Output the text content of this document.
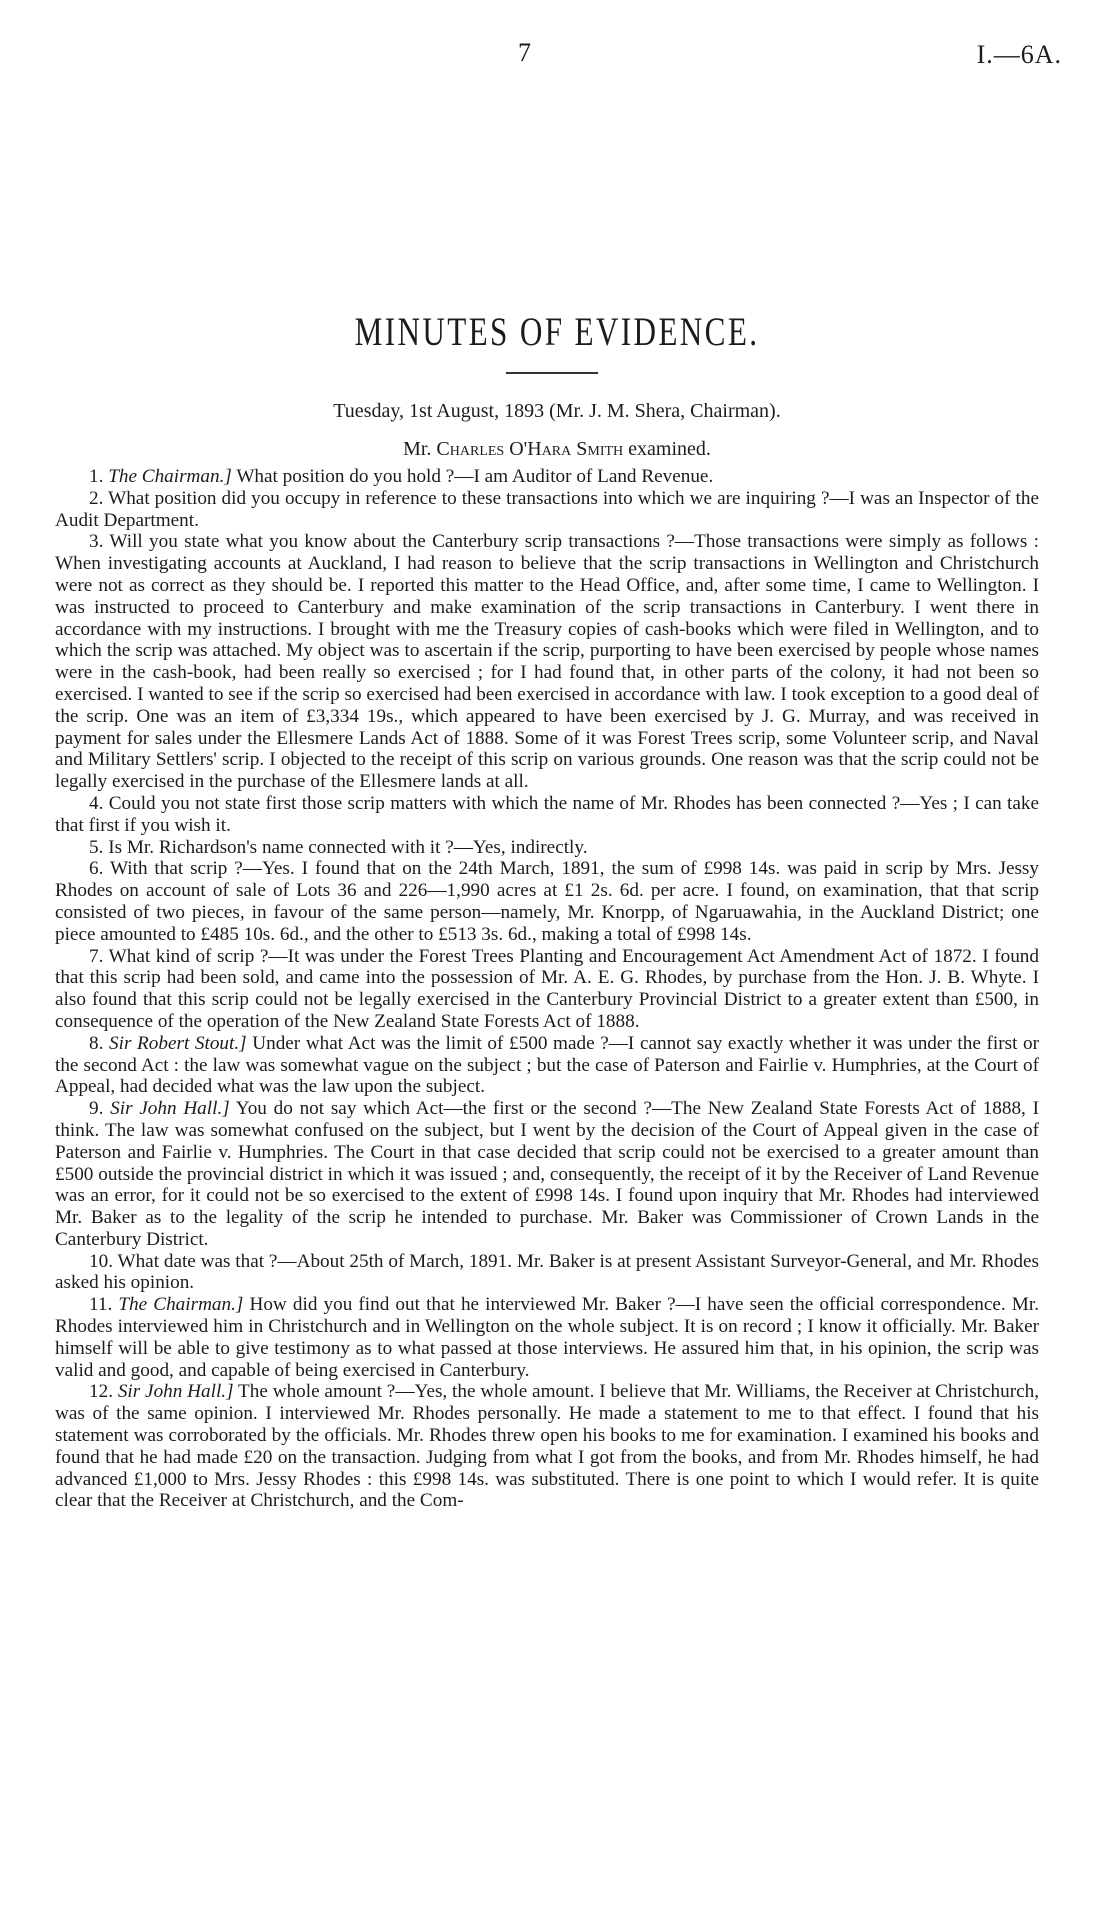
7	I.—6A.
MINUTES OF EVIDENCE.
Tuesday, 1st August, 1893 (Mr. J. M. Shera, Chairman).
Mr. Charles O'Hara Smith examined.

1. The Chairman.] What position do you hold ?—I am Auditor of Land Revenue.

2. What position did you occupy in reference to these transactions into which we are inquiring ?—I was an Inspector of the Audit Department.

3. Will you state what you know about the Canterbury scrip transactions ?—Those transactions were simply as follows : When investigating accounts at Auckland, I had reason to believe that the scrip transactions in Wellington and Christchurch were not as correct as they should be. I reported this matter to the Head Office, and, after some time, I came to Wellington. I was instructed to proceed to Canterbury and make examination of the scrip transactions in Canterbury. I went there in accordance with my instructions. I brought with me the Treasury copies of cash-books which were filed in Wellington, and to which the scrip was attached. My object was to ascertain if the scrip, purporting to have been exercised by people whose names were in the cash-book, had been really so exercised ; for I had found that, in other parts of the colony, it had not been so exercised. I wanted to see if the scrip so exercised had been exercised in accordance with law. I took exception to a good deal of the scrip. One was an item of £3,334 19s., which appeared to have been exercised by J. G. Murray, and was received in payment for sales under the Ellesmere Lands Act of 1888. Some of it was Forest Trees scrip, some Volunteer scrip, and Naval and Military Settlers' scrip. I objected to the receipt of this scrip on various grounds. One reason was that the scrip could not be legally exercised in the purchase of the Ellesmere lands at all.

4. Could you not state first those scrip matters with which the name of Mr. Rhodes has been connected ?—Yes ; I can take that first if you wish it.

5. Is Mr. Richardson's name connected with it ?—Yes, indirectly.

6. With that scrip ?—Yes. I found that on the 24th March, 1891, the sum of £998 14s. was paid in scrip by Mrs. Jessy Rhodes on account of sale of Lots 36 and 226—1,990 acres at £1 2s. 6d. per acre. I found, on examination, that that scrip consisted of two pieces, in favour of the same person—namely, Mr. Knorpp, of Ngaruawahia, in the Auckland District; one piece amounted to £485 10s. 6d., and the other to £513 3s. 6d., making a total of £998 14s.

7. What kind of scrip ?—It was under the Forest Trees Planting and Encouragement Act Amendment Act of 1872. I found that this scrip had been sold, and came into the possession of Mr. A. E. G. Rhodes, by purchase from the Hon. J. B. Whyte. I also found that this scrip could not be legally exercised in the Canterbury Provincial District to a greater extent than £500, in consequence of the operation of the New Zealand State Forests Act of 1888.

8. Sir Robert Stout.] Under what Act was the limit of £500 made ?—I cannot say exactly whether it was under the first or the second Act : the law was somewhat vague on the subject ; but the case of Paterson and Fairlie v. Humphries, at the Court of Appeal, had decided what was the law upon the subject.

9. Sir John Hall.] You do not say which Act—the first or the second ?—The New Zealand State Forests Act of 1888, I think. The law was somewhat confused on the subject, but I went by the decision of the Court of Appeal given in the case of Paterson and Fairlie v. Humphries. The Court in that case decided that scrip could not be exercised to a greater amount than £500 outside the provincial district in which it was issued ; and, consequently, the receipt of it by the Receiver of Land Revenue was an error, for it could not be so exercised to the extent of £998 14s. I found upon inquiry that Mr. Rhodes had interviewed Mr. Baker as to the legality of the scrip he intended to purchase. Mr. Baker was Commissioner of Crown Lands in the Canterbury District.

10. What date was that ?—About 25th of March, 1891. Mr. Baker is at present Assistant Surveyor-General, and Mr. Rhodes asked his opinion.

11. The Chairman.] How did you find out that he interviewed Mr. Baker ?—I have seen the official correspondence. Mr. Rhodes interviewed him in Christchurch and in Wellington on the whole subject. It is on record ; I know it officially. Mr. Baker himself will be able to give testimony as to what passed at those interviews. He assured him that, in his opinion, the scrip was valid and good, and capable of being exercised in Canterbury.

12. Sir John Hall.] The whole amount ?—Yes, the whole amount. I believe that Mr. Williams, the Receiver at Christchurch, was of the same opinion. I interviewed Mr. Rhodes personally. He made a statement to me to that effect. I found that his statement was corroborated by the officials. Mr. Rhodes threw open his books to me for examination. I examined his books and found that he had made £20 on the transaction. Judging from what I got from the books, and from Mr. Rhodes himself, he had advanced £1,000 to Mrs. Jessy Rhodes : this £998 14s. was substituted. There is one point to which I would refer. It is quite clear that the Receiver at Christchurch, and the Com-
